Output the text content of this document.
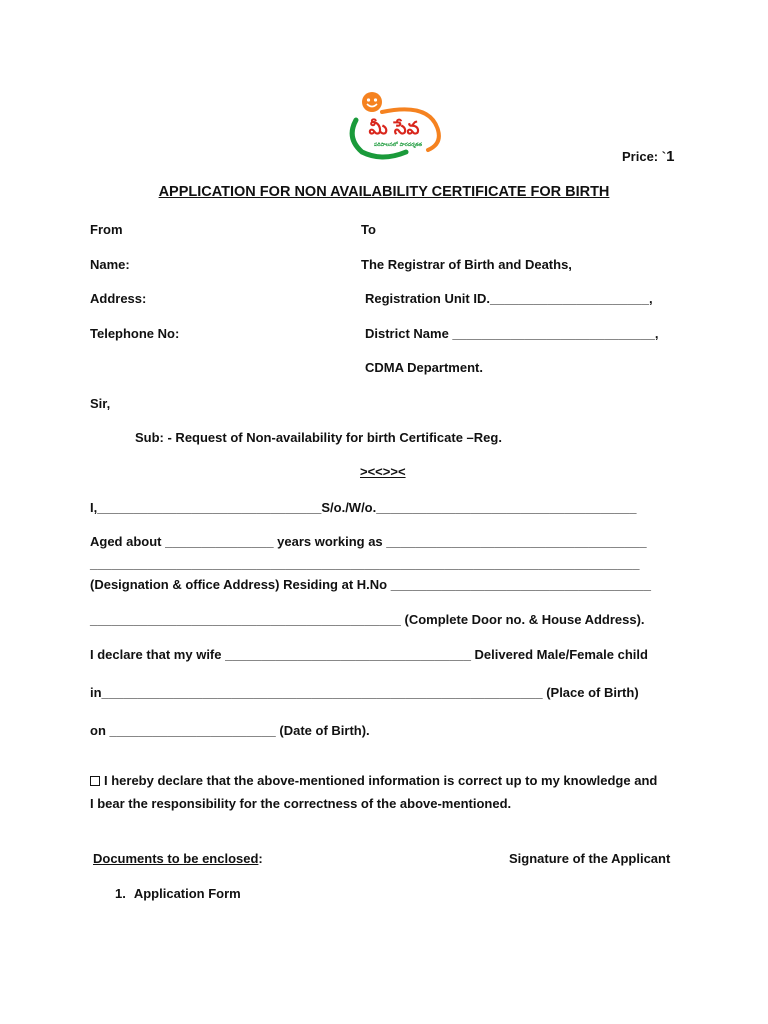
మీ సేవ
పరిపాలనలో పారదర్శకత
Price: `1
APPLICATION FOR NON AVAILABILITY CERTIFICATE FOR BIRTH
From
Name:
Address:
Telephone No:
To
The Registrar of Birth and Deaths,
Registration Unit ID.______________________,
District Name ____________________________,
CDMA Department.
Sir,
Sub: - Request of Non-availability for birth Certificate –Reg.
><<>><
I,_______________________________S/o./W/o.____________________________________
Aged about _______________ years working as ____________________________________
____________________________________________________________________________
(Designation & office Address) Residing at H.No ____________________________________
___________________________________________ (Complete Door no. & House Address).
I declare that my wife __________________________________ Delivered Male/Female child
in_____________________________________________________________ (Place of Birth)
on _______________________ (Date of Birth).
I hereby declare that the above-mentioned information is correct up to my knowledge and
I bear the responsibility for the correctness of the above-mentioned.
Documents to be enclosed:	Signature of the Applicant
1. Application Form
